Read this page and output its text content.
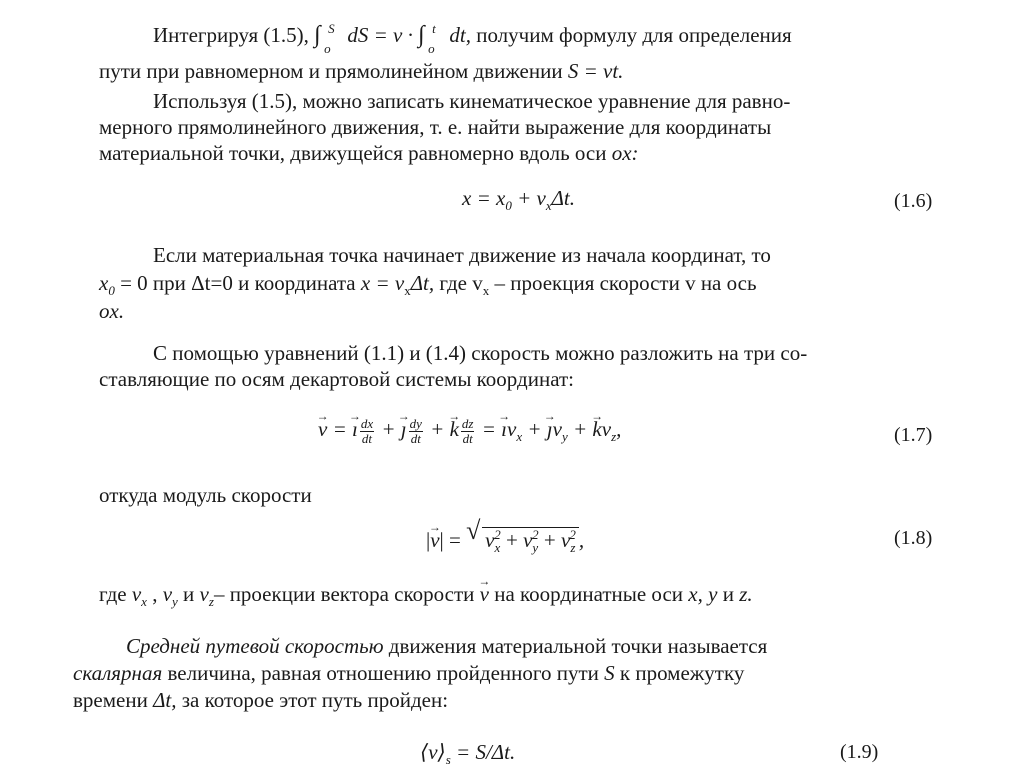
Интегрируя (1.5), ∫ S
o
dS = v · ∫ t
o
dt, получим формулу для определения
пути при равномерном и прямолинейном движении S = vt.
Используя (1.5), можно записать кинематическое уравнение для равно-
мерного прямолинейного движения, т. е. найти выражение для координаты
материальной точки, движущейся равномерно вдоль оси ox:
$x = x_0 + v_x\Delta t$.	(1.6)
Если материальная точка начинает движение из начала координат, то
$x_0 = 0$ при Δt=0 и координата $x = v_x\Delta t$, где $v_x$ – проекция скорости v на ось
ox.
С помощью уравнений (1.1) и (1.4) скорость можно разложить на три со-
ставляющие по осям декартовой системы координат:
→ v = → ı $\frac{dx}{dt}$ + → ȷ $\frac{dy}{dt}$ + → k $\frac{dz}{dt}$ = → $ıv_x$ + → $ȷv_y$ + → $kv_z$,	(1.7)
откуда модуль скорости
|→ v| = √ $v_x^2 + v_y^2 + v_z^2$ ,	(1.8)
где $v_x$ , $v_y$ и $v_z-$ проекции вектора скорости → v на координатные оси x, y и z.
Средней путевой скоростью движения материальной точки называется
скалярная величина, равная отношению пройденного пути S к промежутку
времени Δt, за которое этот путь пройден:
$⟨v⟩_s = S/\Delta t$.	(1.9)
